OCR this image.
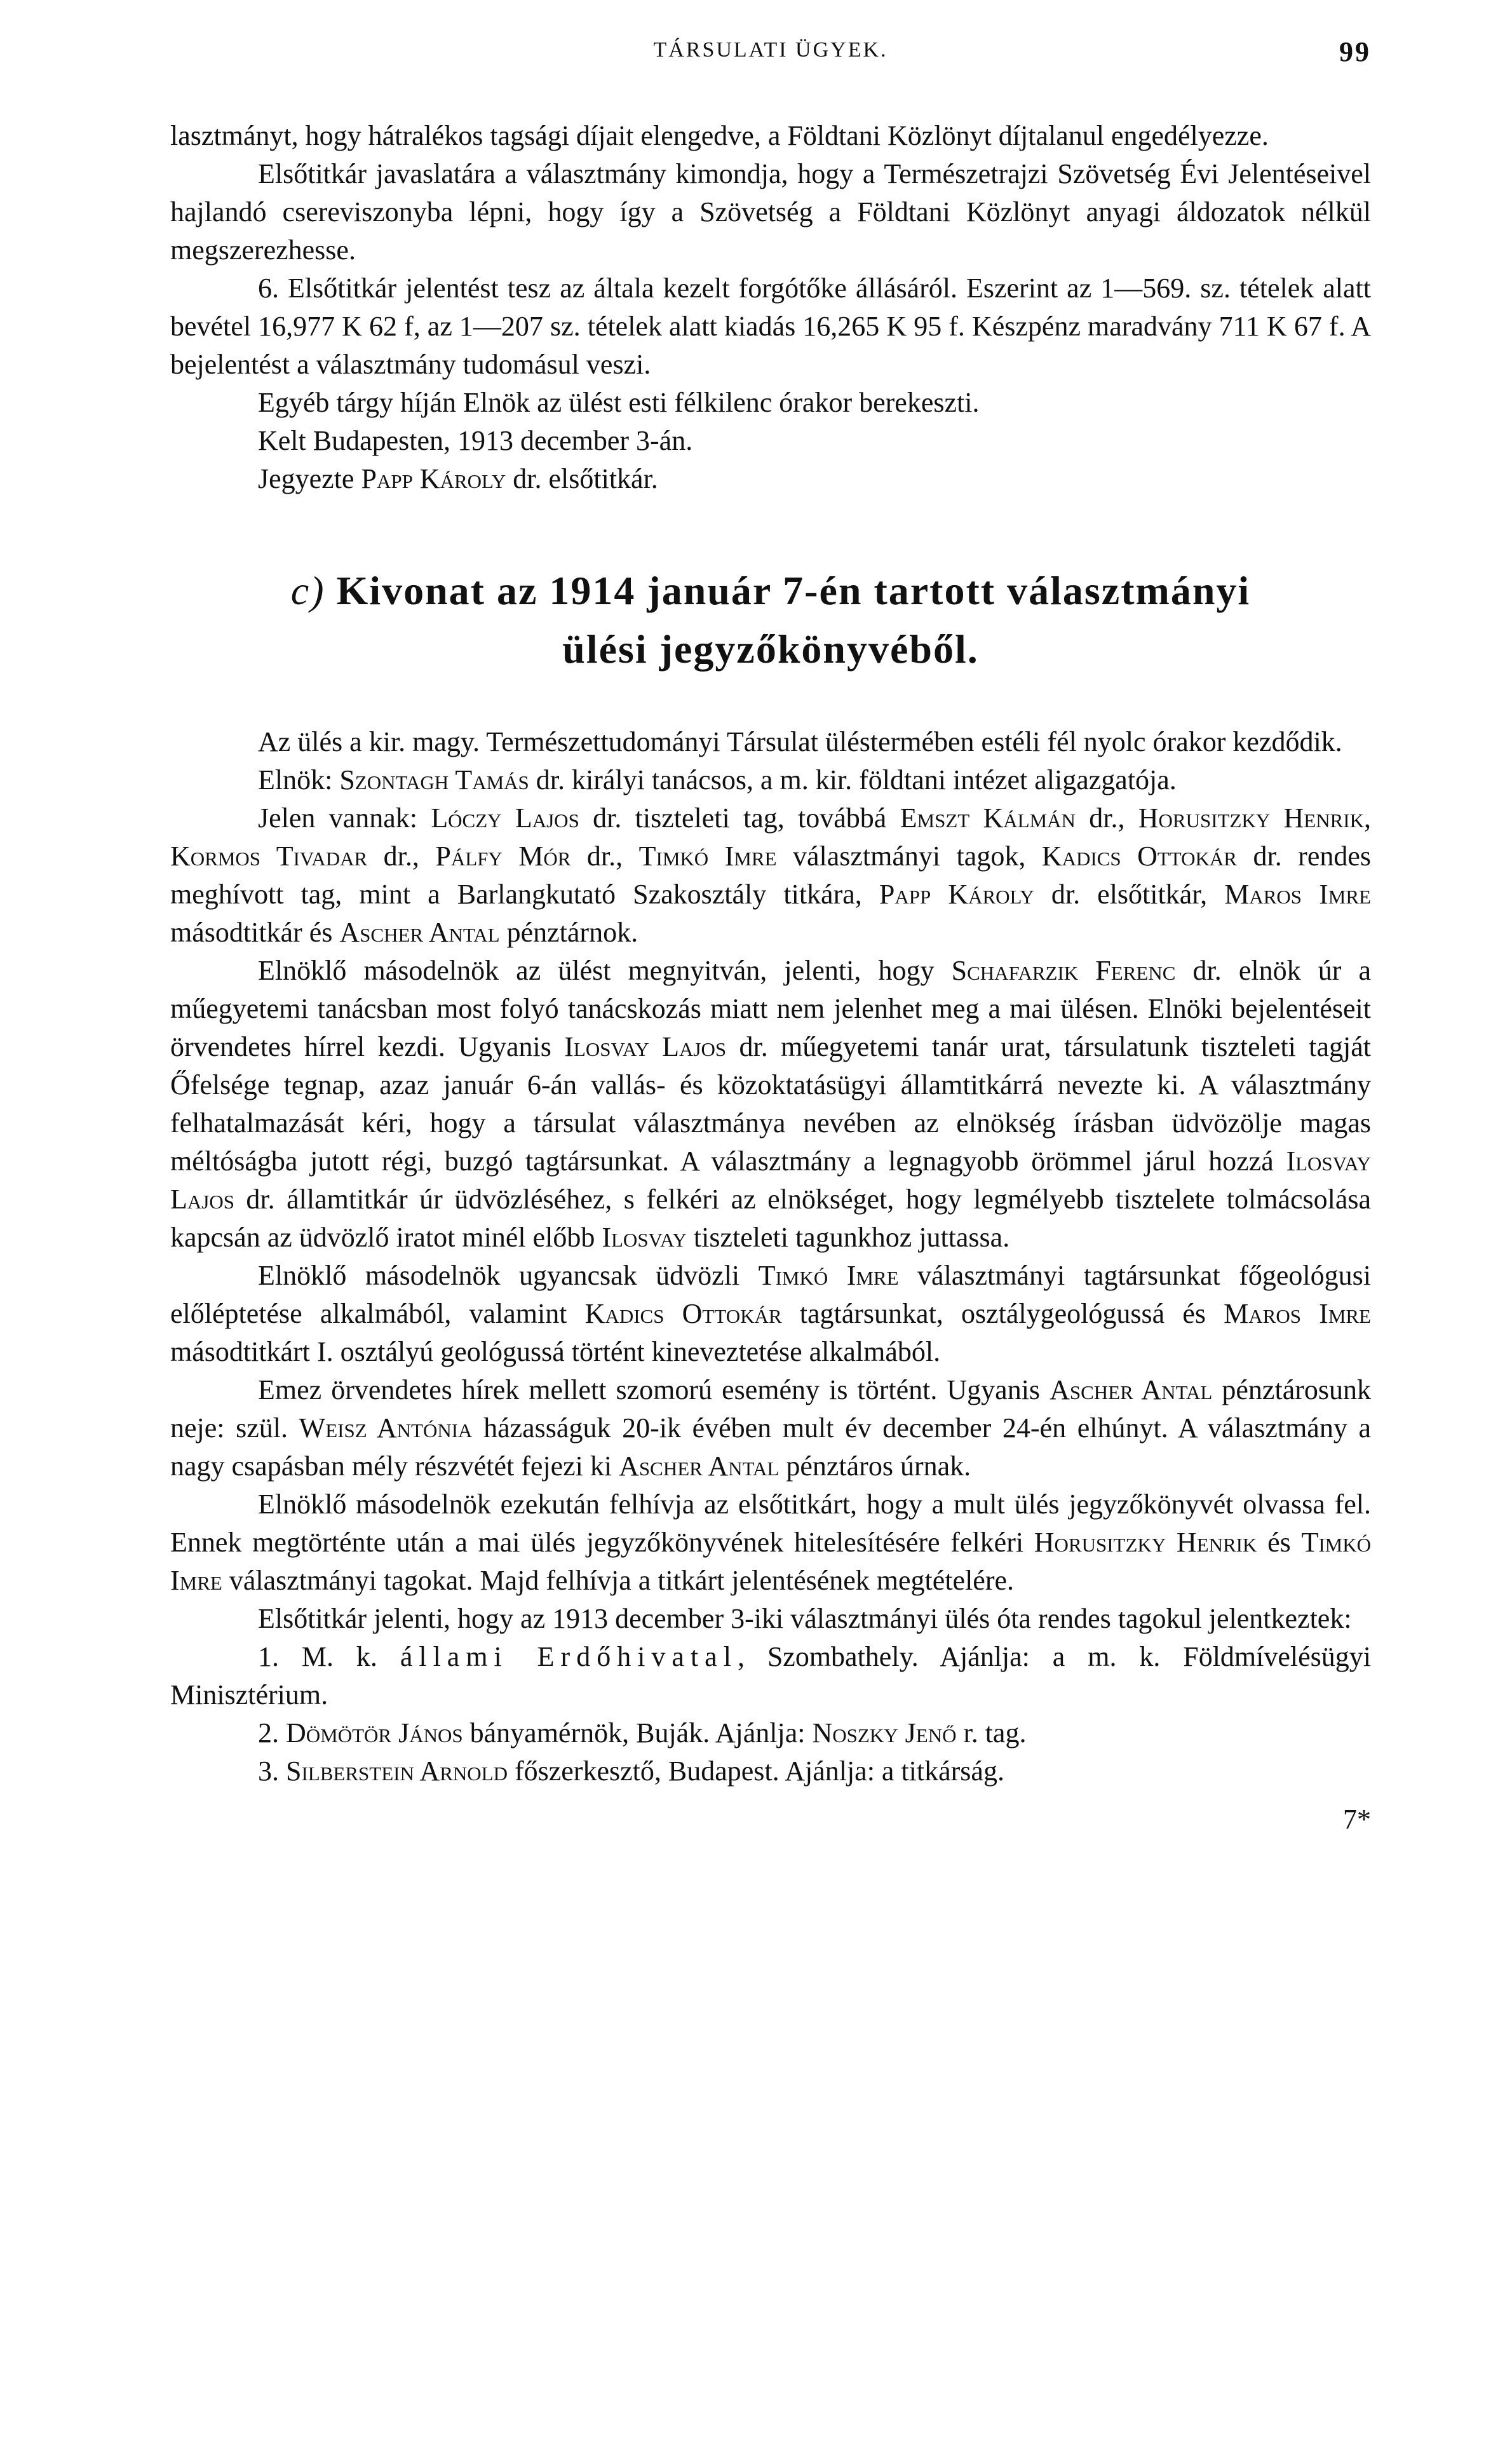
TÁRSULATI ÜGYEK.	99

lasztmányt, hogy hátralékos tagsági díjait elengedve, a Földtani Közlönyt díjtalanul engedélyezze.

Elsőtitkár javaslatára a választmány kimondja, hogy a Természetrajzi Szövetség Évi Jelentéseivel hajlandó csereviszonyba lépni, hogy így a Szövetség a Földtani Közlönyt anyagi áldozatok nélkül megszerezhesse.

6. Elsőtitkár jelentést tesz az általa kezelt forgótőke állásáról. Eszerint az 1—569. sz. tételek alatt bevétel 16,977 K 62 f, az 1—207 sz. tételek alatt kiadás 16,265 K 95 f. Készpénz maradvány 711 K 67 f. A bejelentést a választmány tudomásul veszi.

Egyéb tárgy híján Elnök az ülést esti félkilenc órakor berekeszti.

Kelt Budapesten, 1913 december 3-án.

Jegyezte Papp Károly dr. elsőtitkár.

c) Kivonat az 1914 január 7-én tartott választmányi
ülési jegyzőkönyvéből.

Az ülés a kir. magy. Természettudományi Társulat üléstermében estéli fél nyolc órakor kezdődik.

Elnök: Szontagh Tamás dr. királyi tanácsos, a m. kir. földtani intézet aligazgatója.

Jelen vannak: Lóczy Lajos dr. tiszteleti tag, továbbá Emszt Kálmán dr., Horusitzky Henrik, Kormos Tivadar dr., Pálfy Mór dr., Timkó Imre választmányi tagok, Kadics Ottokár dr. rendes meghívott tag, mint a Barlangkutató Szakosztály titkára, Papp Károly dr. elsőtitkár, Maros Imre másodtitkár és Ascher Antal pénztárnok.

Elnöklő másodelnök az ülést megnyitván, jelenti, hogy Schafarzik Ferenc dr. elnök úr a műegyetemi tanácsban most folyó tanácskozás miatt nem jelenhet meg a mai ülésen. Elnöki bejelentéseit örvendetes hírrel kezdi. Ugyanis Ilosvay Lajos dr. műegyetemi tanár urat, társulatunk tiszteleti tagját Őfelsége tegnap, azaz január 6-án vallás- és közoktatásügyi államtitkárrá nevezte ki. A választmány felhatalmazását kéri, hogy a társulat választmánya nevében az elnökség írásban üdvözölje magas méltóságba jutott régi, buzgó tagtársunkat. A választmány a legnagyobb örömmel járul hozzá Ilosvay Lajos dr. államtitkár úr üdvözléséhez, s felkéri az elnökséget, hogy legmélyebb tisztelete tolmácsolása kapcsán az üdvözlő iratot minél előbb Ilosvay tiszteleti tagunkhoz juttassa.

Elnöklő másodelnök ugyancsak üdvözli Timkó Imre választmányi tagtársunkat főgeológusi előléptetése alkalmából, valamint Kadics Ottokár tagtársunkat, osztálygeológussá és Maros Imre másodtitkárt I. osztályú geológussá történt kineveztetése alkalmából.

Emez örvendetes hírek mellett szomorú esemény is történt. Ugyanis Ascher Antal pénztárosunk neje: szül. Weisz Antónia házasságuk 20-ik évében mult év december 24-én elhúnyt. A választmány a nagy csapásban mély részvétét fejezi ki Ascher Antal pénztáros úrnak.

Elnöklő másodelnök ezekután felhívja az elsőtitkárt, hogy a mult ülés jegyzőkönyvét olvassa fel. Ennek megtörténte után a mai ülés jegyzőkönyvének hitelesítésére felkéri Horusitzky Henrik és Timkó Imre választmányi tagokat. Majd felhívja a titkárt jelentésének megtételére.

Elsőtitkár jelenti, hogy az 1913 december 3-iki választmányi ülés óta rendes tagokul jelentkeztek:

1. M. k. állami Erdőhivatal, Szombathely. Ajánlja: a m. k. Földmívelésügyi Minisztérium.

2. Dömötör János bányamérnök, Buják. Ajánlja: Noszky Jenő r. tag.

3. Silberstein Arnold főszerkesztő, Budapest. Ajánlja: a titkárság.

7*
